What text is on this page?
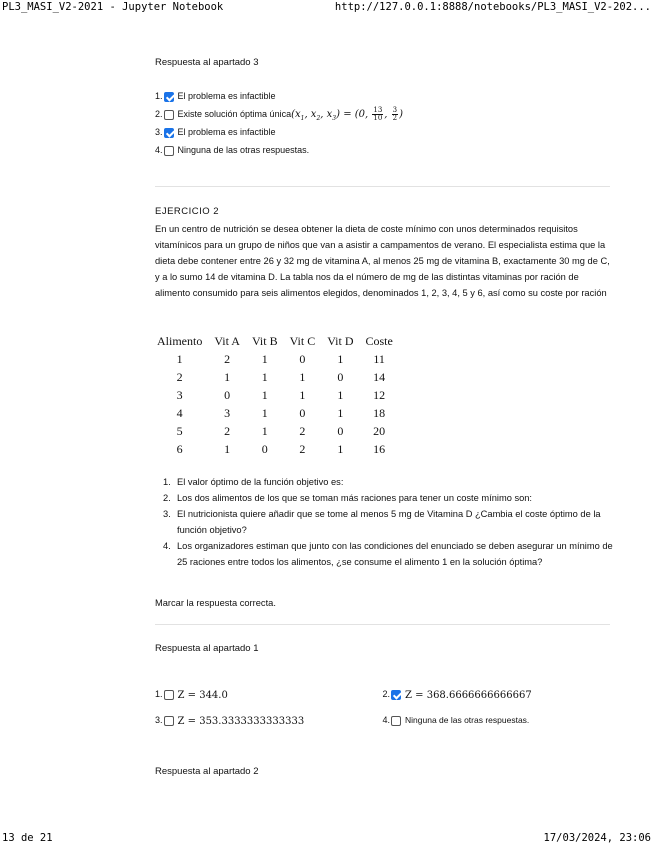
PL3_MASI_V2-2021 - Jupyter Notebook	http://127.0.0.1:8888/notebooks/PL3_MASI_V2-202...
Respuesta al apartado 3
1. El problema es infactible
2. Existe solución óptima única ($x_1$, $x_2$, $x_3) = (0$, $\frac{13}{10}$ , $\frac{3}{2}$ )
3. El problema es infactible
4. Ninguna de las otras respuestas.
EJERCICIO 2
En un centro de nutrición se desea obtener la dieta de coste mínimo con unos determinados requisitos vitamínicos para un grupo de niños que van a asistir a campamentos de verano. El especialista estima que la dieta debe contener entre 26 y 32 mg de vitamina A, al menos 25 mg de vitamina B, exactamente 30 mg de C, y a lo sumo 14 de vitamina D. La tabla nos da el número de mg de las distintas vitaminas por ración de alimento consumido para seis alimentos elegidos, denominados 1, 2, 3, 4, 5 y 6, así como su coste por ración
Alimento	Vit A	Vit B	Vit C	Vit D	Coste
1	2	1	0	1	11
2	1	1	1	0	14
3	0	1	1	1	12
4	3	1	0	1	18
5	2	1	2	0	20
6	1	0	2	1	16
1. El valor óptimo de la función objetivo es:
2. Los dos alimentos de los que se toman más raciones para tener un coste mínimo son:
3. El nutricionista quiere añadir que se tome al menos 5 mg de Vitamina D ¿Cambia el coste óptimo de la función objetivo?
4. Los organizadores estiman que junto con las condiciones del enunciado se deben asegurar un mínimo de 25 raciones entre todos los alimentos, ¿se consume el alimento 1 en la solución óptima?
Marcar la respuesta correcta.
Respuesta al apartado 1
1. Z = 344.0	2. Z = 368.6666666666667
3. Z = 353.3333333333333	4. Ninguna de las otras respuestas.
Respuesta al apartado 2
13 de 21	17/03/2024, 23:06
